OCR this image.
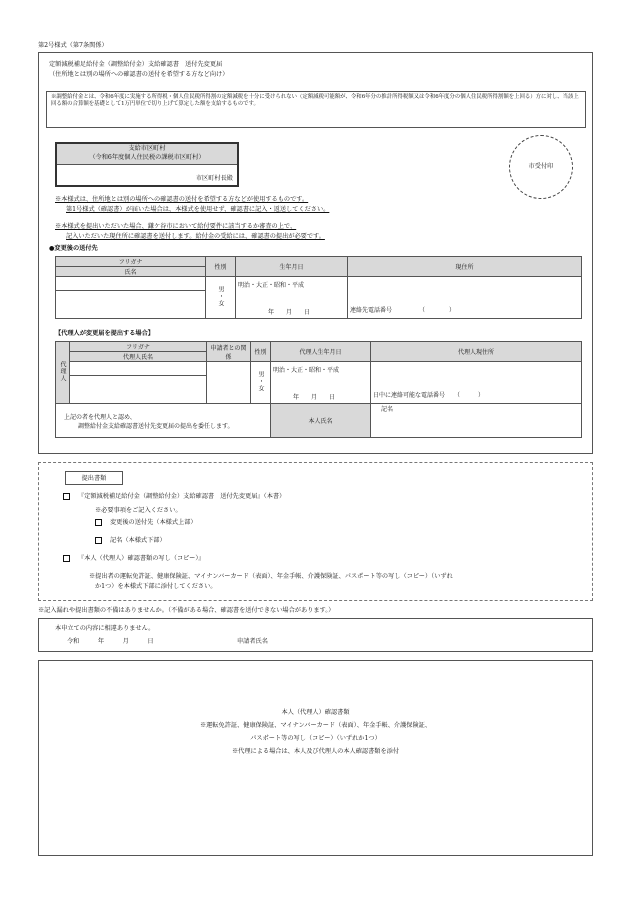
第2号様式（第7条関係）
定額減税補足給付金（調整給付金）支給確認書　送付先変更届
（住所地とは別の場所への確認書の送付を希望する方など向け）
※調整給付金とは、令和6年度に実施する所得税・個人住民税所得割の定額減税を十分に受けられない（定額減税可能額が、令和6年分の推計所得税額又は令和6年度分の個人住民税所得割額を上回る）方に対し、当該上回る額の合算額を基礎として1万円単位で切り上げて算定した額を支給するものです。
支給市区町村
（令和6年度個人住民税の課税市区町村）
市区町村長殿
市受付印
※本様式は、住所地とは別の場所への確認書の送付を希望する方などが使用するものです。
第1号様式（確認書）が届いた場合は、本様式を使用せず、確認書に記入・返送してください。
※本様式を提出いただいた場合、鎌ケ谷市において給付要件に該当するか審査の上で、
記入いただいた現住所に確認書を送付します。給付金の受給には、確認書の提出が必要です。
●変更後の送付先
フリガナ	性別	生年月日	現住所
氏名			
	男・女	明治・大正・昭和・平成
年　　月　　日	連絡先電話番号　　　　　（　　　　）

【代理人が変更届を提出する場合】
代理人	フリガナ	申請者との関係	性別	代理人生年月日	代理人現住所
	代理人氏名				
			男・女	明治・大正・昭和・平成
年　　月　　日	日中に連絡可能な電話番号　　（　　　）

上記の者を代理人と認め、
調整給付金支給確認書送付先変更届の提出を委任します。				本人氏名	記名
提出書類
『定額減税補足給付金（調整給付金）支給確認書　送付先変更届』（本書）
※必要事項をご記入ください。
変更後の送付先（本様式上部）
記名（本様式下部）
『本人（代理人）確認書類の写し（コピー）』
※提出者の運転免許証、健康保険証、マイナンバーカード（表面）、年金手帳、介護保険証、パスポート等の写し（コピー）（いずれ
か1つ）を本様式下部に添付してください。
※記入漏れや提出書類の不備はありませんか。（不備がある場合、確認書を送付できない場合があります。）
本申立ての内容に相違ありません。
令和　　　年　　　月　　　日	申請者氏名
本人（代理人）確認書類
※運転免許証、健康保険証、マイナンバーカード（表面）、年金手帳、介護保険証、
パスポート等の写し（コピー）（いずれか1つ）
※代理による場合は、本人及び代理人の本人確認書類を添付
